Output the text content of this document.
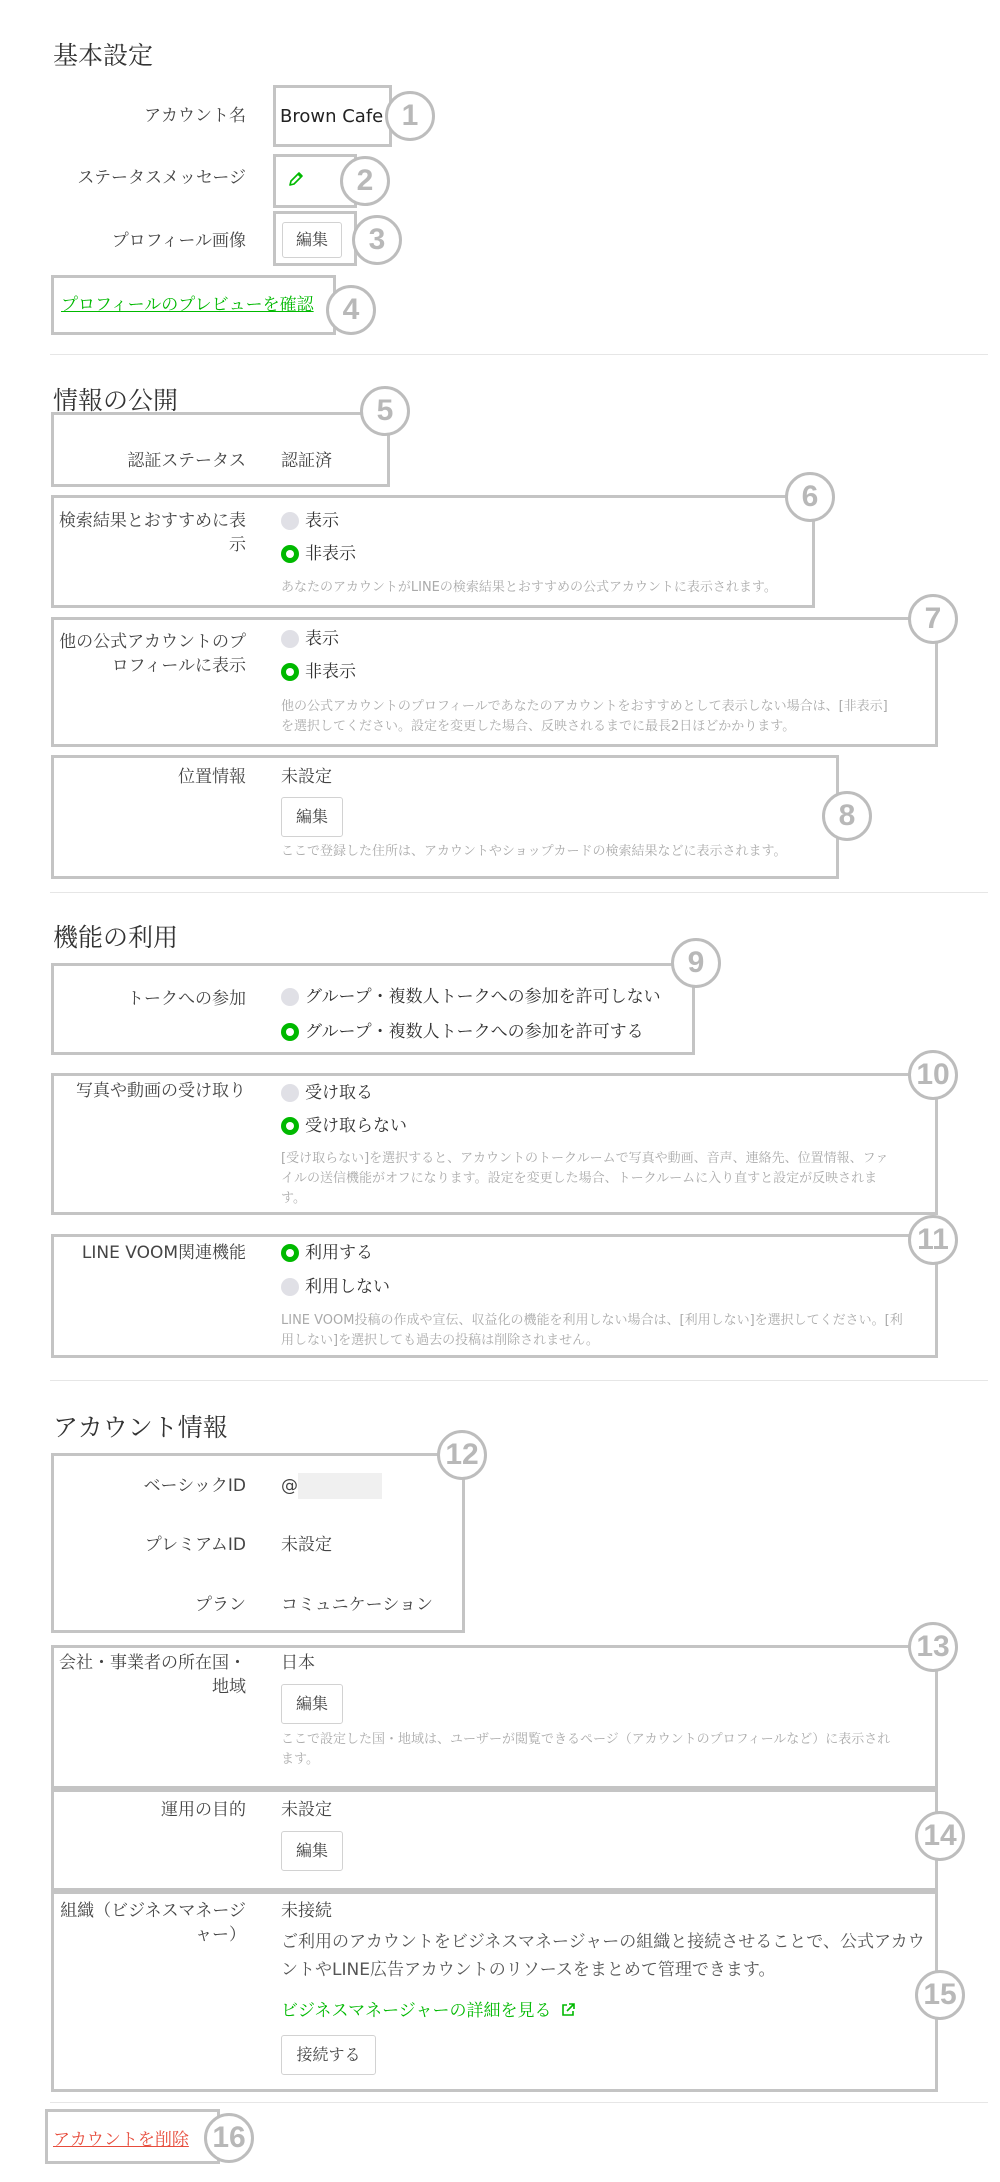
基本設定
アカウント名 Brown Cafe 1
ステータスメッセージ	2
プロフィール画像	編集	3
プロフィールのプレビューを確認 4
情報の公開
認証ステータス 認証済
5
検索結果とおすすめに表
示
表示
非表示
あなたのアカウントがLINEの検索結果とおすすめの公式アカウントに表示されます。
6
他の公式アカウントのプ
ロフィールに表示
表示
非表示
他の公式アカウントのプロフィールであなたのアカウントをおすすめとして表示しない場合は、[非表示]
を選択してください。設定を変更した場合、反映されるまでに最長2日ほどかかります。
7
位置情報 未設定
編集
ここで登録した住所は、アカウントやショップカードの検索結果などに表示されます。
8
機能の利用
トークへの参加	グループ・複数人トークへの参加を許可しない
グループ・複数人トークへの参加を許可する
9
写真や動画の受け取り	受け取る
受け取らない
[受け取らない]を選択すると、アカウントのトークルームで写真や動画、音声、連絡先、位置情報、ファ
イルの送信機能がオフになります。設定を変更した場合、トークルームに入り直すと設定が反映されま
す。
10
LINE VOOM関連機能	利用する
利用しない
LINE VOOM投稿の作成や宣伝、収益化の機能を利用しない場合は、[利用しない]を選択してください。[利
用しない]を選択しても過去の投稿は削除されません。
11
アカウント情報
ベーシックID @
プレミアムID 未設定
プラン コミュニケーション
12
会社・事業者の所在国・
地域
日本
編集
ここで設定した国・地域は、ユーザーが閲覧できるページ（アカウントのプロフィールなど）に表示され
ます。
13
運用の目的 未設定
編集	14
組織（ビジネスマネージ
ャー）
未接続
ご利用のアカウントをビジネスマネージャーの組織と接続させることで、公式アカウ
ントやLINE広告アカウントのリソースをまとめて管理できます。
ビジネスマネージャーの詳細を見る
接続する
15
アカウントを削除 16
